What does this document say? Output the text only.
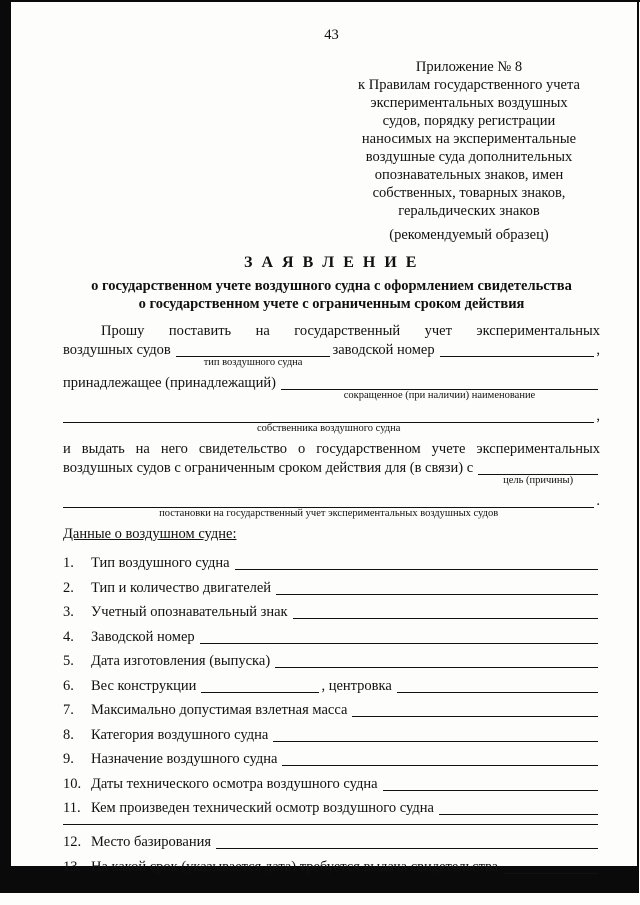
43
Приложение № 8
к Правилам государственного учета
экспериментальных воздушных
судов, порядку регистрации
наносимых на экспериментальные
воздушные суда дополнительных
опознавательных знаков, имен
собственных, товарных знаков,
геральдических знаков
(рекомендуемый образец)
З А Я В Л Е Н И Е
о государственном учете воздушного судна с оформлением свидетельства
о государственном учете с ограниченным сроком действия
Прошу поставить на государственный учет экспериментальных
воздушных судов
тип воздушного судна
заводской номер	,
принадлежащее (принадлежащий)
сокращенное (при наличии) наименование
собственника воздушного судна
,
и выдать на него свидетельство о государственном учете экспериментальных
воздушных судов с ограниченным сроком действия для (в связи) с
цель (причины)
постановки на государственный учет экспериментальных воздушных судов
.
Данные о воздушном судне:
1.	Тип воздушного судна
2.	Тип и количество двигателей
3.	Учетный опознавательный знак
4.	Заводской номер
5.	Дата изготовления (выпуска)
6.	Вес конструкции	, центровка
7.	Максимально допустимая взлетная масса
8.	Категория воздушного судна
9.	Назначение воздушного судна
10. Даты технического осмотра воздушного судна
11. Кем произведен технический осмотр воздушного судна
12. Место базирования
13. На какой срок (указывается дата) требуется выдача свидетельства
